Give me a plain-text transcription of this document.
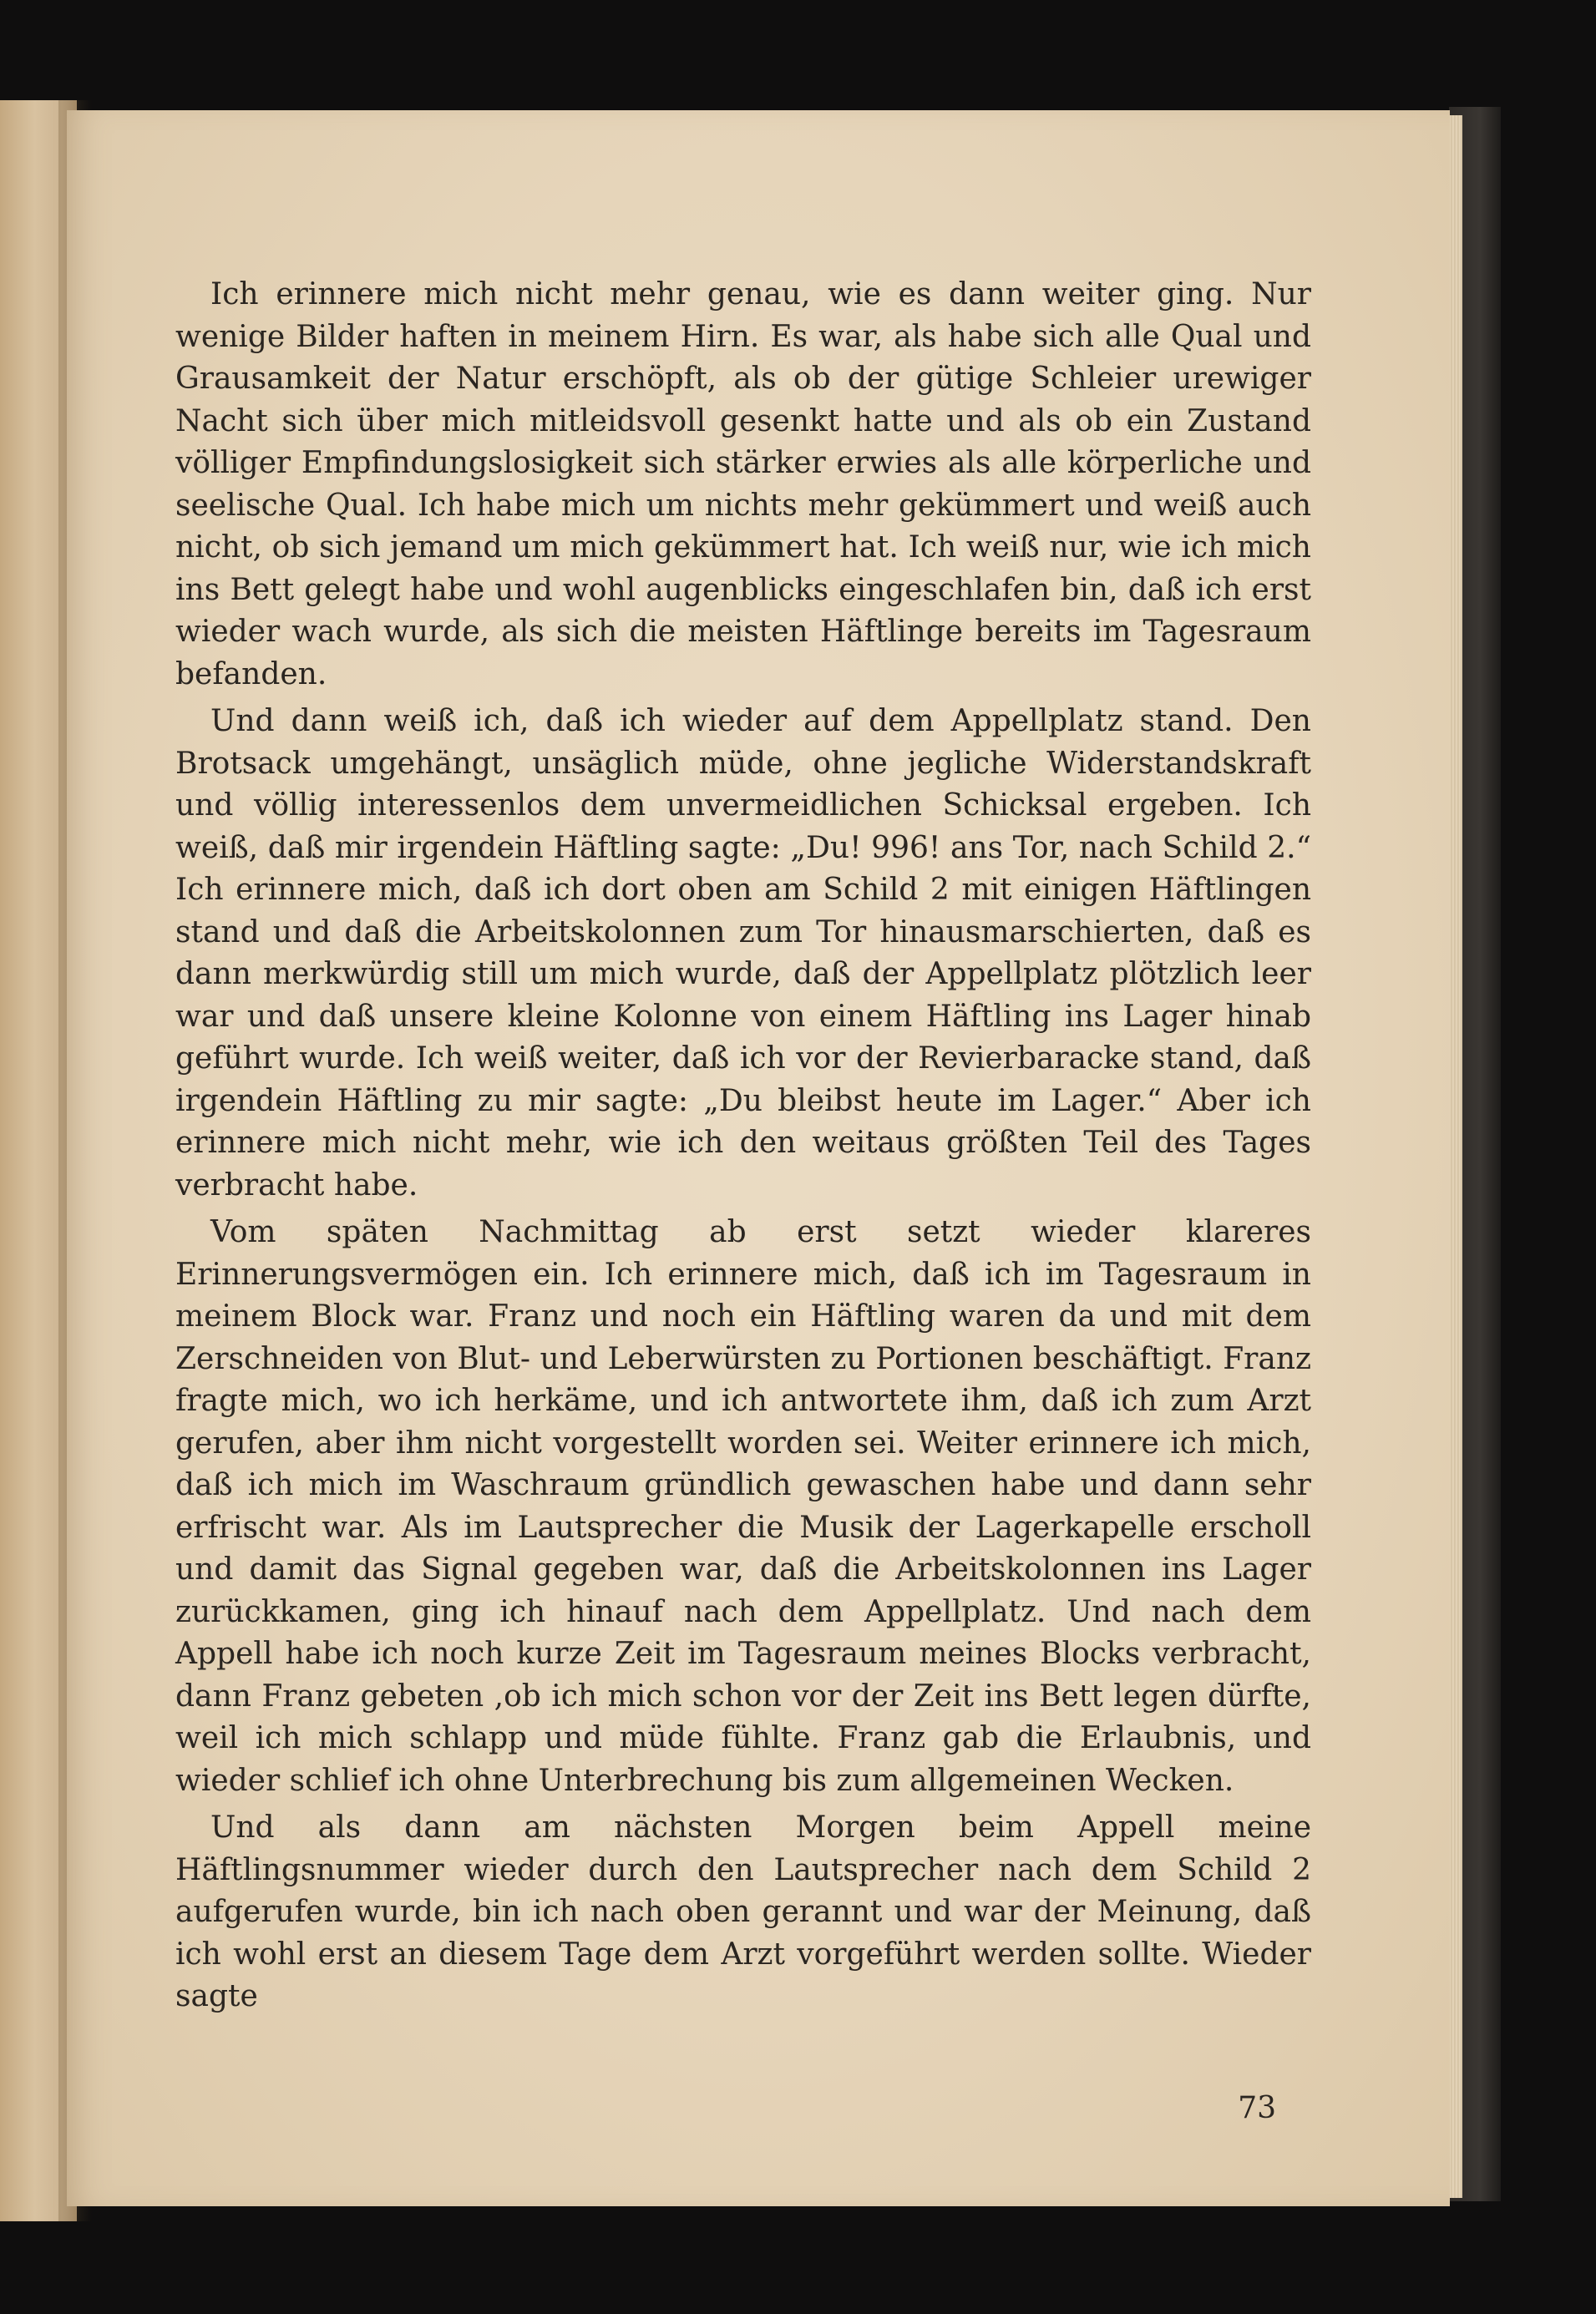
Ich erinnere mich nicht mehr genau, wie es dann weiter ging. Nur wenige Bilder haften in meinem Hirn. Es war, als habe sich alle Qual und Grausamkeit der Natur erschöpft, als ob der gütige Schleier urewiger Nacht sich über mich mitleidsvoll gesenkt hatte und als ob ein Zustand völliger Empfindungslosigkeit sich stärker erwies als alle körperliche und seelische Qual. Ich habe mich um nichts mehr gekümmert und weiß auch nicht, ob sich jemand um mich gekümmert hat. Ich weiß nur, wie ich mich ins Bett gelegt habe und wohl augenblicks eingeschlafen bin, daß ich erst wieder wach wurde, als sich die meisten Häftlinge bereits im Tagesraum befanden.

Und dann weiß ich, daß ich wieder auf dem Appellplatz stand. Den Brotsack umgehängt, unsäglich müde, ohne jegliche Widerstandskraft und völlig interessenlos dem unvermeidlichen Schicksal ergeben. Ich weiß, daß mir irgendein Häftling sagte: „Du! 996! ans Tor, nach Schild 2.“ Ich erinnere mich, daß ich dort oben am Schild 2 mit einigen Häftlingen stand und daß die Arbeitskolonnen zum Tor hinausmarschierten, daß es dann merkwürdig still um mich wurde, daß der Appellplatz plötzlich leer war und daß unsere kleine Kolonne von einem Häftling ins Lager hinab geführt wurde. Ich weiß weiter, daß ich vor der Revierbaracke stand, daß irgendein Häftling zu mir sagte: „Du bleibst heute im Lager.“ Aber ich erinnere mich nicht mehr, wie ich den weitaus größten Teil des Tages verbracht habe.

Vom späten Nachmittag ab erst setzt wieder klareres Erinnerungsvermögen ein. Ich erinnere mich, daß ich im Tagesraum in meinem Block war. Franz und noch ein Häftling waren da und mit dem Zerschneiden von Blut- und Leberwürsten zu Portionen beschäftigt. Franz fragte mich, wo ich herkäme, und ich antwortete ihm, daß ich zum Arzt gerufen, aber ihm nicht vorgestellt worden sei. Weiter erinnere ich mich, daß ich mich im Waschraum gründlich gewaschen habe und dann sehr erfrischt war. Als im Lautsprecher die Musik der Lagerkapelle erscholl und damit das Signal gegeben war, daß die Arbeitskolonnen ins Lager zurückkamen, ging ich hinauf nach dem Appellplatz. Und nach dem Appell habe ich noch kurze Zeit im Tagesraum meines Blocks verbracht, dann Franz gebeten ,ob ich mich schon vor der Zeit ins Bett legen dürfte, weil ich mich schlapp und müde fühlte. Franz gab die Erlaubnis, und wieder schlief ich ohne Unterbrechung bis zum allgemeinen Wecken.

Und als dann am nächsten Morgen beim Appell meine Häftlingsnummer wieder durch den Lautsprecher nach dem Schild 2 aufgerufen wurde, bin ich nach oben gerannt und war der Meinung, daß ich wohl erst an diesem Tage dem Arzt vorgeführt werden sollte. Wieder sagte

73
